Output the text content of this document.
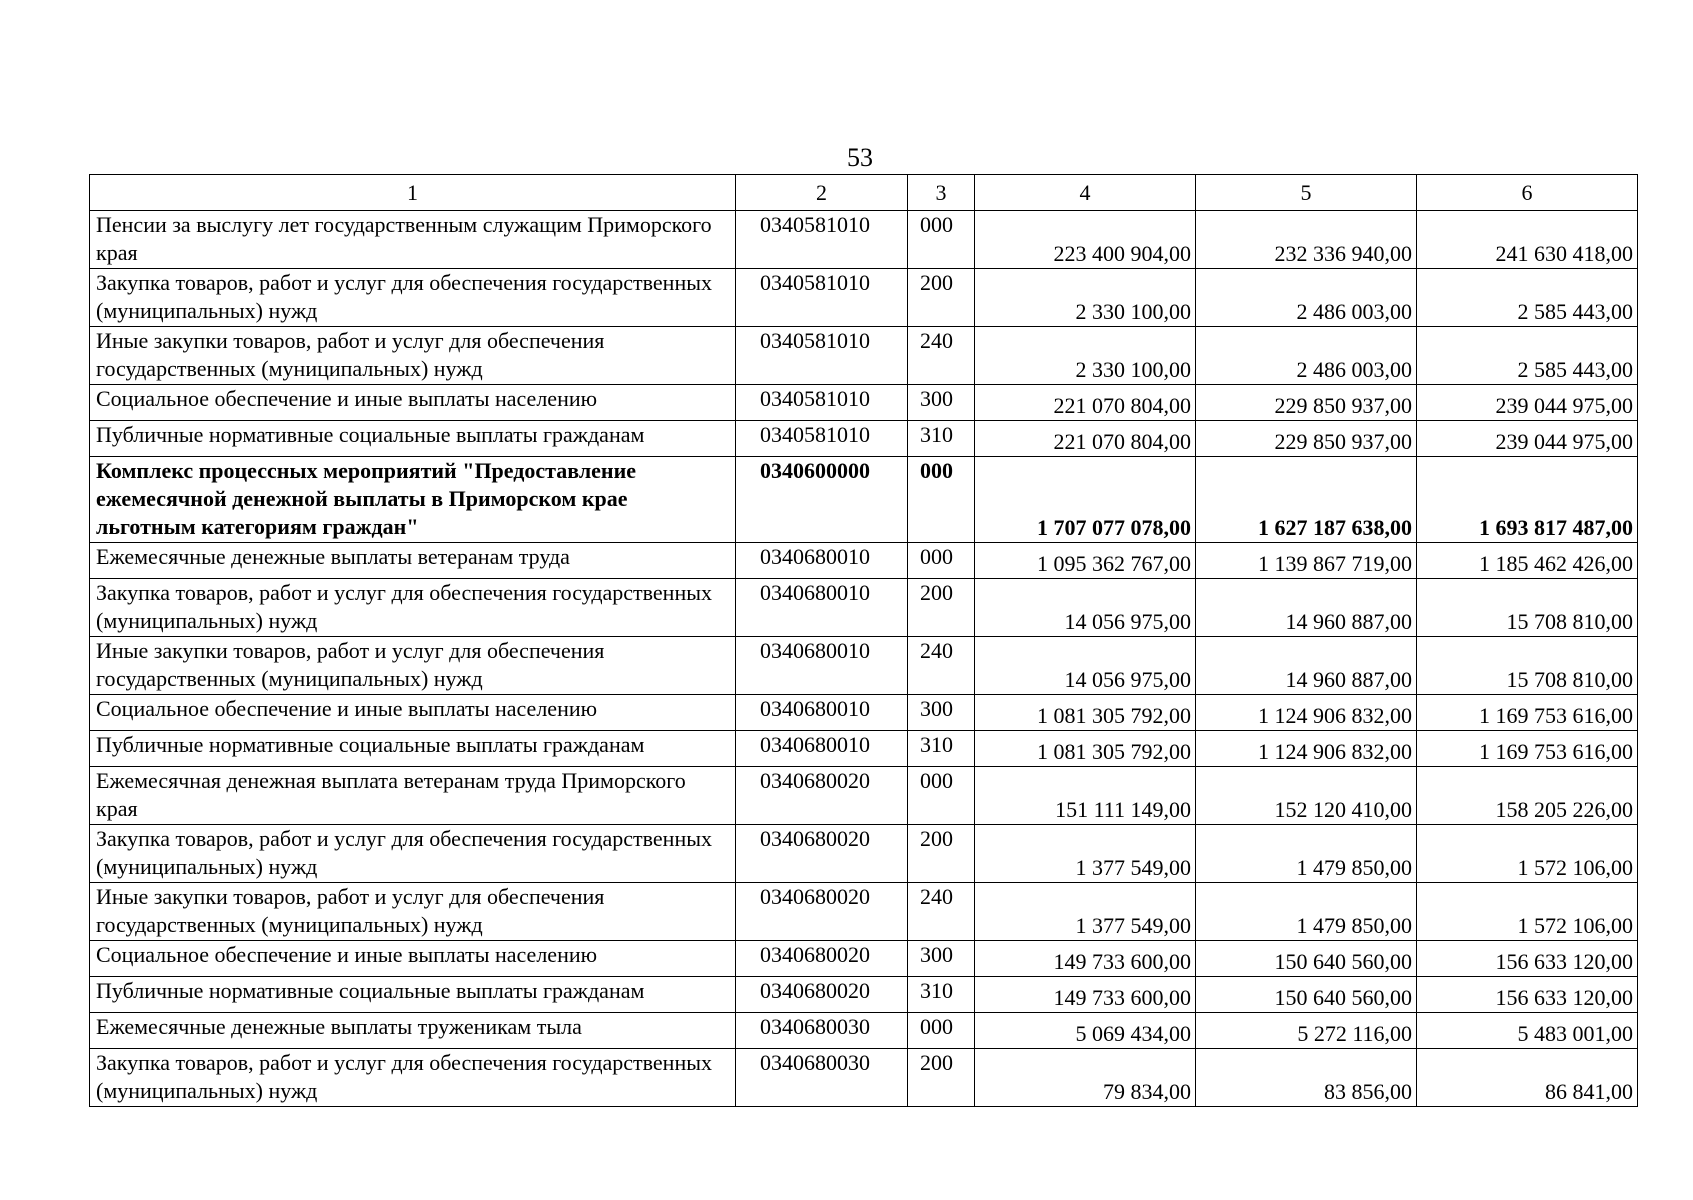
53
1	2	3	4	5	6
Пенсии за выслугу лет государственным служащим Приморского края	0340581010	000	223 400 904,00	232 336 940,00	241 630 418,00
Закупка товаров, работ и услуг для обеспечения государственных (муниципальных) нужд	0340581010	200	2 330 100,00	2 486 003,00	2 585 443,00
Иные закупки товаров, работ и услуг для обеспечения государственных (муниципальных) нужд	0340581010	240	2 330 100,00	2 486 003,00	2 585 443,00
Социальное обеспечение и иные выплаты населению	0340581010	300	221 070 804,00	229 850 937,00	239 044 975,00
Публичные нормативные социальные выплаты гражданам	0340581010	310	221 070 804,00	229 850 937,00	239 044 975,00
Комплекс процессных мероприятий "Предоставление ежемесячной денежной выплаты в Приморском крае льготным категориям граждан"	0340600000	000	1 707 077 078,00	1 627 187 638,00	1 693 817 487,00
Ежемесячные денежные выплаты ветеранам труда	0340680010	000	1 095 362 767,00	1 139 867 719,00	1 185 462 426,00
Закупка товаров, работ и услуг для обеспечения государственных (муниципальных) нужд	0340680010	200	14 056 975,00	14 960 887,00	15 708 810,00
Иные закупки товаров, работ и услуг для обеспечения государственных (муниципальных) нужд	0340680010	240	14 056 975,00	14 960 887,00	15 708 810,00
Социальное обеспечение и иные выплаты населению	0340680010	300	1 081 305 792,00	1 124 906 832,00	1 169 753 616,00
Публичные нормативные социальные выплаты гражданам	0340680010	310	1 081 305 792,00	1 124 906 832,00	1 169 753 616,00
Ежемесячная денежная выплата ветеранам труда Приморского края	0340680020	000	151 111 149,00	152 120 410,00	158 205 226,00
Закупка товаров, работ и услуг для обеспечения государственных (муниципальных) нужд	0340680020	200	1 377 549,00	1 479 850,00	1 572 106,00
Иные закупки товаров, работ и услуг для обеспечения государственных (муниципальных) нужд	0340680020	240	1 377 549,00	1 479 850,00	1 572 106,00
Социальное обеспечение и иные выплаты населению	0340680020	300	149 733 600,00	150 640 560,00	156 633 120,00
Публичные нормативные социальные выплаты гражданам	0340680020	310	149 733 600,00	150 640 560,00	156 633 120,00
Ежемесячные денежные выплаты труженикам тыла	0340680030	000	5 069 434,00	5 272 116,00	5 483 001,00
Закупка товаров, работ и услуг для обеспечения государственных (муниципальных) нужд	0340680030	200	79 834,00	83 856,00	86 841,00
